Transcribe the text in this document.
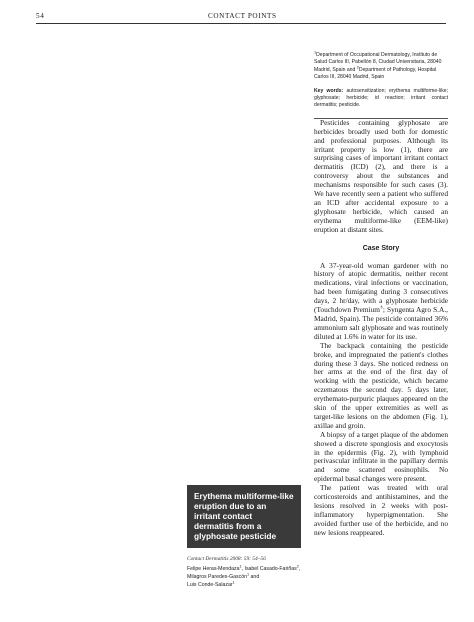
54	CONTACT POINTS

$^1$Department of Occupational Dermatology, Instituto de Salud Carlos III, Pabellón 8, Ciudad Universitaria, 28040 Madrid, Spain and $^2$Department of Pathology, Hospital Carlos III, 28040 Madrid, Spain

Key words: autosensitization; erythema multiforme-like; glyphosate; herbicide; id reaction; irritant contact dermatitis; pesticide.

Pesticides containing glyphosate are herbicides broadly used both for domestic and professional purposes. Although its irritant property is low (1), there are surprising cases of important irritant contact dermatitis (ICD) (2), and there is a controversy about the substances and mechanisms responsible for such cases (3). We have recently seen a patient who suffered an ICD after accidental exposure to a glyphosate herbicide, which caused an erythema multiforme-like (EEM-like) eruption at distant sites.

Case Story

A 37-year-old woman gardener with no history of atopic dermatitis, neither recent medications, viral infections or vaccination, had been fumigating during 3 consecutives days, 2 hr/day, with a glyphosate herbicide (Touchdown Premium®; Syngenta Agro S.A., Madrid, Spain). The pesticide contained 36% ammonium salt glyphosate and was routinely diluted at 1.6% in water for its use.

The backpack containing the pesticide broke, and impregnated the patient's clothes during these 3 days. She noticed redness on her arms at the end of the first day of working with the pesticide, which became eczematous the second day. 5 days later, erythemato-purpuric plaques appeared on the skin of the upper extremities as well as target-like lesions on the abdomen (Fig. 1), axillae and groin.

A biopsy of a target plaque of the abdomen showed a discrete spongiosis and exocytosis in the epidermis (Fig. 2), with lymphoid perivascular infiltrate in the papillary dermis and some scattered eosinophils. No epidermal basal changes were present.

The patient was treated with oral corticosteroids and antihistamines, and the lesions resolved in 2 weeks with post-inflammatory hyperpigmentation. She avoided further use of the herbicide, and no new lesions reappeared.

Erythema multiforme-like eruption due to an irritant contact dermatitis from a glyphosate pesticide
Contact Dermatitis 2008: 59: 54–56

Felipe Heras-Mendaza$^1$, Isabel Casado-Fariñas$^2$,
Milagros Paredes-Gascón$^1$ and
Luis Conde-Salazar$^1$
